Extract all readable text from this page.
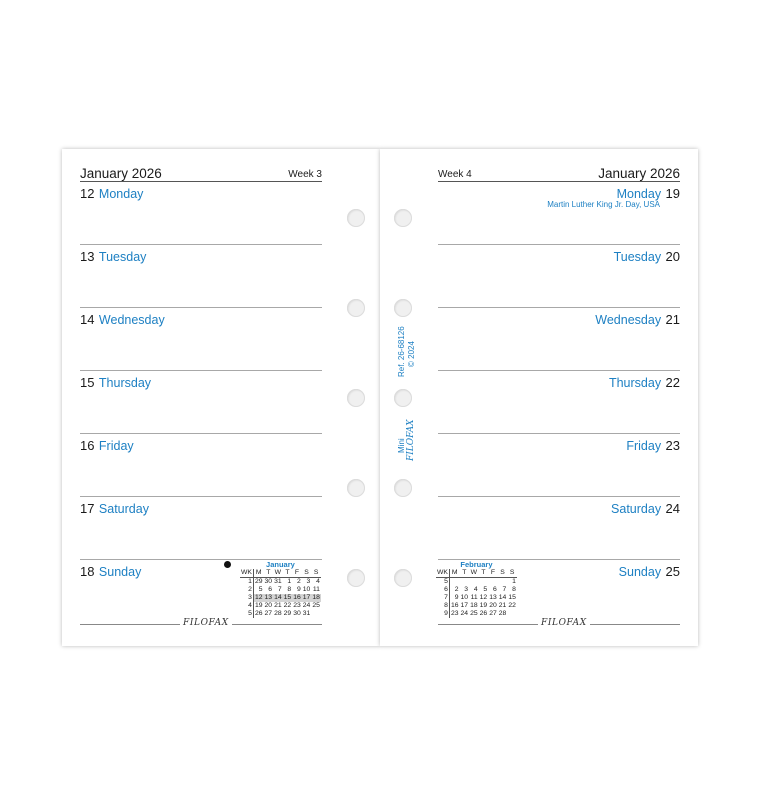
January 2026	Week 3
12 Monday
13 Tuesday
14 Wednesday
15 Thursday
16 Friday
17 Saturday
18 Sunday
January
WK	M	T	W	T	F	S	S
1	29	30	31	1	2	3	4
2	5	6	7	8	9	10	11
3	12	13	14	15	16	17	18
4	19	20	21	22	23	24	25
5	26	27	28	29	30	31	
FILOFAX
Week 4	January 2026
Monday 19
Martin Luther King Jr. Day, USA
Tuesday 20
Wednesday 21
Thursday 22
Friday 23
Saturday 24
Sunday 25
February
WK	M	T	W	T	F	S	S
5							1
6	2	3	4	5	6	7	8
7	9	10	11	12	13	14	15
8	16	17	18	19	20	21	22
9	23	24	25	26	27	28	
FILOFAX
Ref. 26-68126 © 2024
Mini FILOFAX
